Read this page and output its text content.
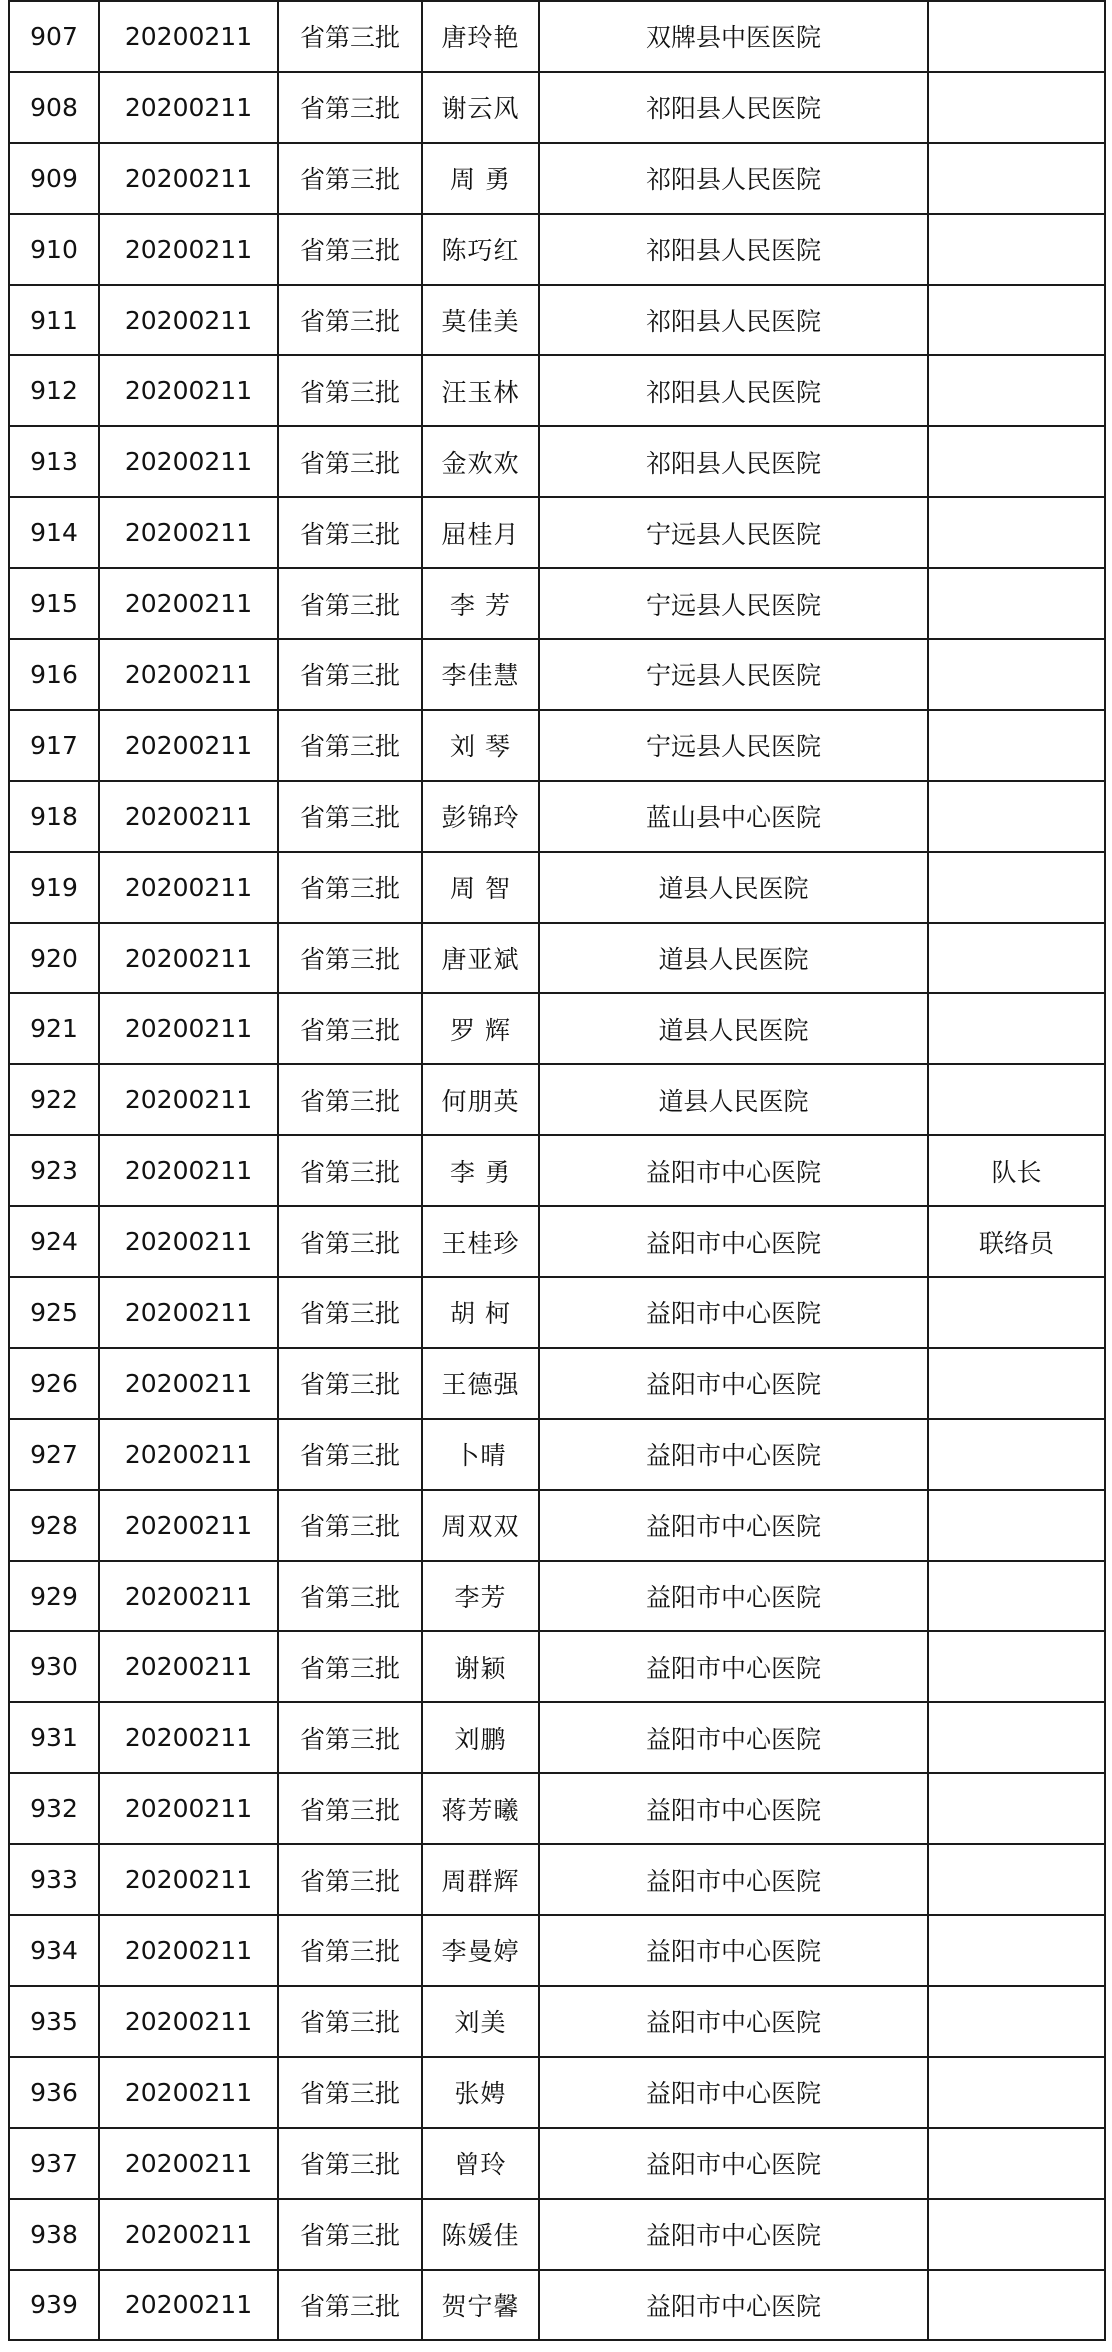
907	20200211	省第三批	唐玲艳	双牌县中医医院	
908	20200211	省第三批	谢云风	祁阳县人民医院	
909	20200211	省第三批	周 勇	祁阳县人民医院	
910	20200211	省第三批	陈巧红	祁阳县人民医院	
911	20200211	省第三批	莫佳美	祁阳县人民医院	
912	20200211	省第三批	汪玉林	祁阳县人民医院	
913	20200211	省第三批	金欢欢	祁阳县人民医院	
914	20200211	省第三批	屈桂月	宁远县人民医院	
915	20200211	省第三批	李 芳	宁远县人民医院	
916	20200211	省第三批	李佳慧	宁远县人民医院	
917	20200211	省第三批	刘 琴	宁远县人民医院	
918	20200211	省第三批	彭锦玲	蓝山县中心医院	
919	20200211	省第三批	周 智	道县人民医院	
920	20200211	省第三批	唐亚斌	道县人民医院	
921	20200211	省第三批	罗 辉	道县人民医院	
922	20200211	省第三批	何朋英	道县人民医院	
923	20200211	省第三批	李 勇	益阳市中心医院	队长
924	20200211	省第三批	王桂珍	益阳市中心医院	联络员
925	20200211	省第三批	胡 柯	益阳市中心医院	
926	20200211	省第三批	王德强	益阳市中心医院	
927	20200211	省第三批	卜晴	益阳市中心医院	
928	20200211	省第三批	周双双	益阳市中心医院	
929	20200211	省第三批	李芳	益阳市中心医院	
930	20200211	省第三批	谢颖	益阳市中心医院	
931	20200211	省第三批	刘鹏	益阳市中心医院	
932	20200211	省第三批	蒋芳曦	益阳市中心医院	
933	20200211	省第三批	周群辉	益阳市中心医院	
934	20200211	省第三批	李曼婷	益阳市中心医院	
935	20200211	省第三批	刘美	益阳市中心医院	
936	20200211	省第三批	张娉	益阳市中心医院	
937	20200211	省第三批	曾玲	益阳市中心医院	
938	20200211	省第三批	陈媛佳	益阳市中心医院	
939	20200211	省第三批	贺宁馨	益阳市中心医院	
